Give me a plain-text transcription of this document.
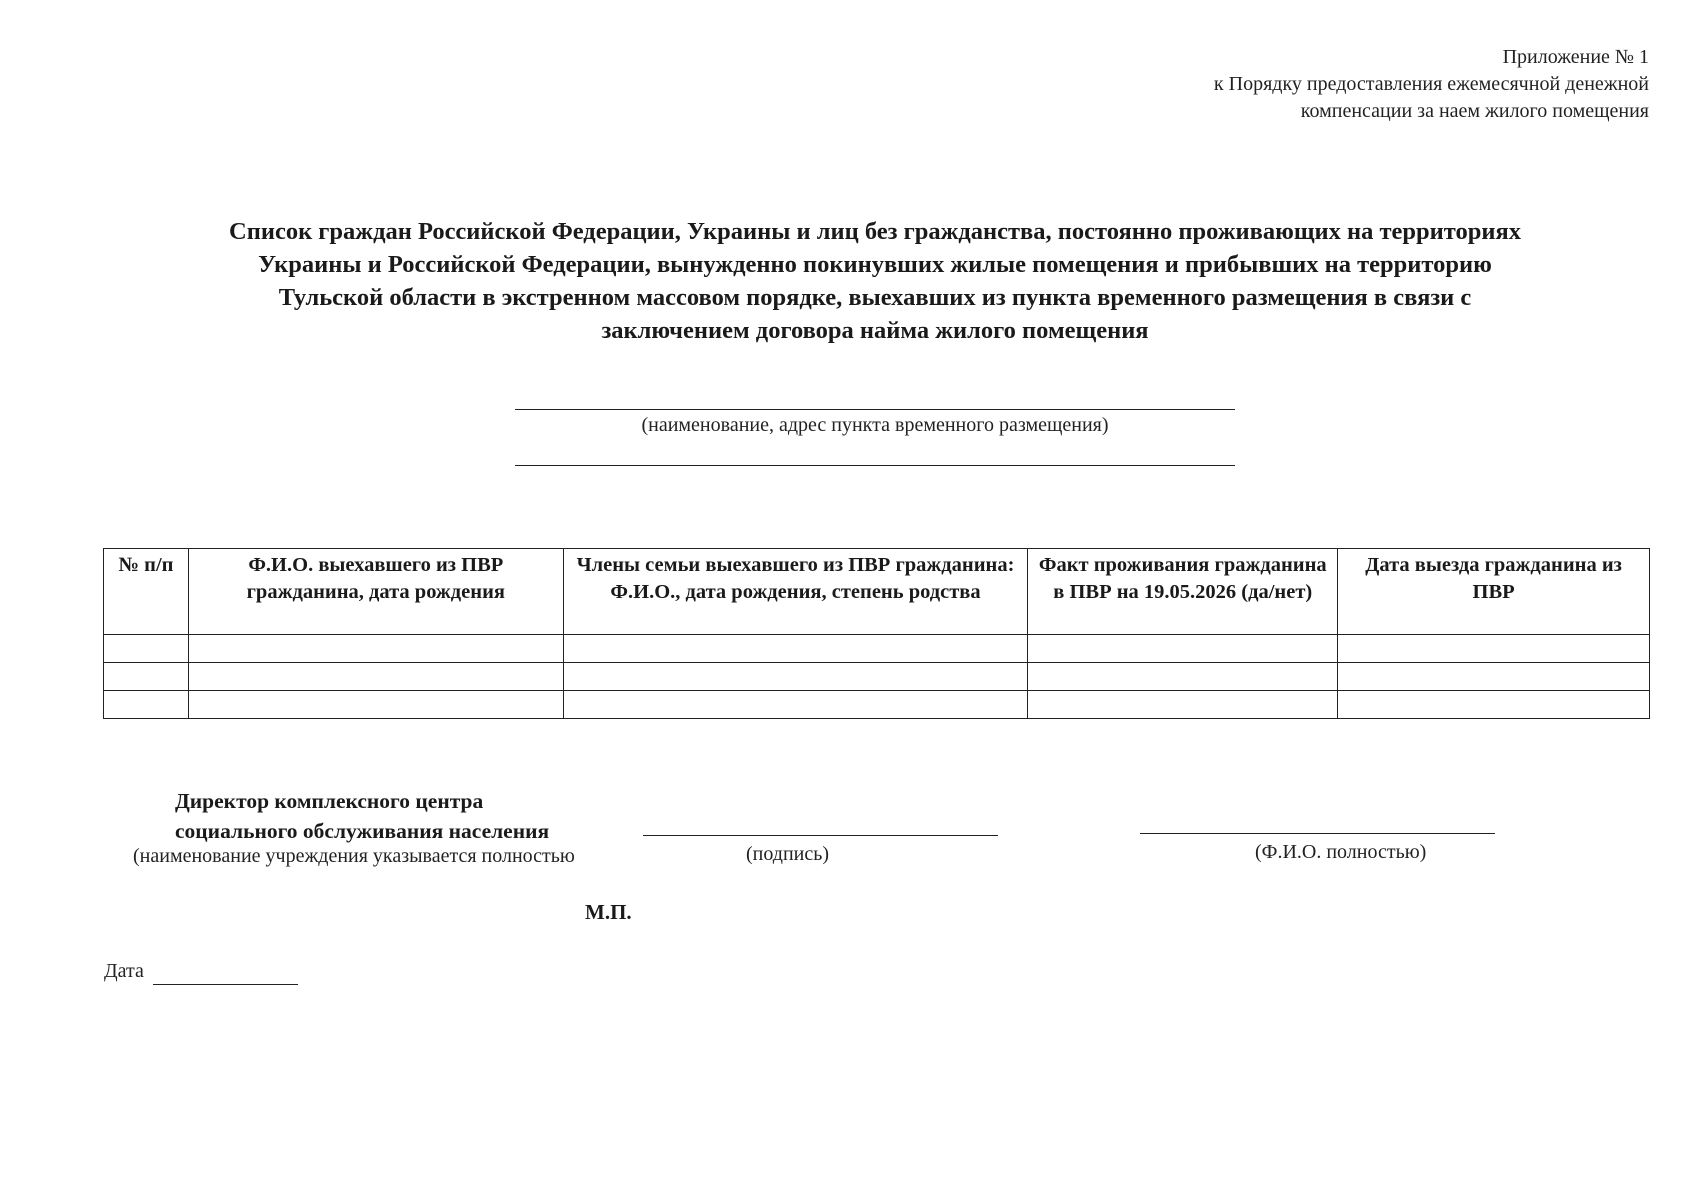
Приложение № 1
к Порядку предоставления ежемесячной денежной
компенсации за наем жилого помещения
Список граждан Российской Федерации, Украины и лиц без гражданства, постоянно проживающих на территориях
Украины и Российской Федерации, вынужденно покинувших жилые помещения и прибывших на территорию
Тульской области в экстренном массовом порядке, выехавших из пункта временного размещения в связи с
заключением договора найма жилого помещения
(наименование, адрес пункта временного размещения)
№ п/п	Ф.И.О. выехавшего из ПВР гражданина, дата рождения	Члены семьи выехавшего из ПВР гражданина: Ф.И.О., дата рождения, степень родства	Факт проживания гражданина в ПВР на 19.05.2026 (да/нет)	Дата выезда гражданина из ПВР

Директор комплексного центра
социального обслуживания населения
(наименование учреждения указывается полностью	(подпись)	(Ф.И.О. полностью)
М.П.
Дата
